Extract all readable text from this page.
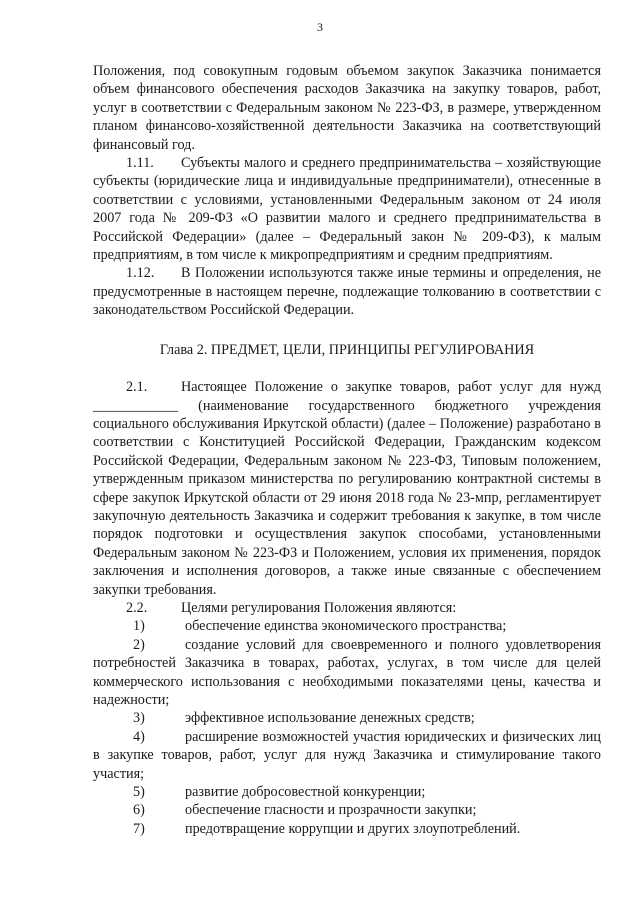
3

Положения, под совокупным годовым объемом закупок Заказчика понимается объем финансового обеспечения расходов Заказчика на закупку товаров, работ, услуг в соответствии с Федеральным законом № 223-ФЗ, в размере, утвержденном планом финансово-хозяйственной деятельности Заказчика на соответствующий финансовый год.

1.11. Субъекты малого и среднего предпринимательства – хозяйствующие субъекты (юридические лица и индивидуальные предприниматели), отнесенные в соответствии с условиями, установленными Федеральным законом от 24 июля 2007 года № 209-ФЗ «О развитии малого и среднего предпринимательства в Российской Федерации» (далее – Федеральный закон № 209-ФЗ), к малым предприятиям, в том числе к микропредприятиям и средним предприятиям.

1.12. В Положении используются также иные термины и определения, не предусмотренные в настоящем перечне, подлежащие толкованию в соответствии с законодательством Российской Федерации.

Глава 2. ПРЕДМЕТ, ЦЕЛИ, ПРИНЦИПЫ РЕГУЛИРОВАНИЯ

2.1. Настоящее Положение о закупке товаров, работ услуг для нужд ____________ (наименование государственного бюджетного учреждения социального обслуживания Иркутской области) (далее – Положение) разработано в соответствии с Конституцией Российской Федерации, Гражданским кодексом Российской Федерации, Федеральным законом № 223-ФЗ, Типовым положением, утвержденным приказом министерства по регулированию контрактной системы в сфере закупок Иркутской области от 29 июня 2018 года № 23-мпр, регламентирует закупочную деятельность Заказчика и содержит требования к закупке, в том числе порядок подготовки и осуществления закупок способами, установленными Федеральным законом № 223-ФЗ и Положением, условия их применения, порядок заключения и исполнения договоров, а также иные связанные с обеспечением закупки требования.

2.2. Целями регулирования Положения являются:

1)	обеспечение единства экономического пространства;

2)	создание условий для своевременного и полного удовлетворения потребностей Заказчика в товарах, работах, услугах, в том числе для целей коммерческого использования с необходимыми показателями цены, качества и надежности;

3)	эффективное использование денежных средств;

4)	расширение возможностей участия юридических и физических лиц в закупке товаров, работ, услуг для нужд Заказчика и стимулирование такого участия;

5)	развитие добросовестной конкуренции;

6)	обеспечение гласности и прозрачности закупки;

7)	предотвращение коррупции и других злоупотреблений.
